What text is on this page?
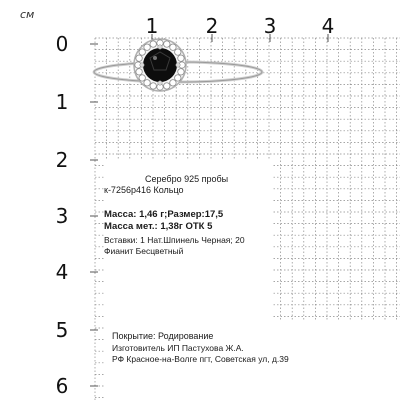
см	1 2 3 4
0
1
2
3
4
5
6

Серебро 925 пробы
к-7256р416 Кольцо
Масса: 1,46 г;Размер:17,5
Масса мет.: 1,38г ОТК 5
Вставки: 1 Нат.Шпинель Черная; 20
Фианит Бесцветный
Покрытие: Родирование
Изготовитель ИП Пастухова Ж.А.
РФ Красное-на-Волге пгт, Советская ул, д.39
